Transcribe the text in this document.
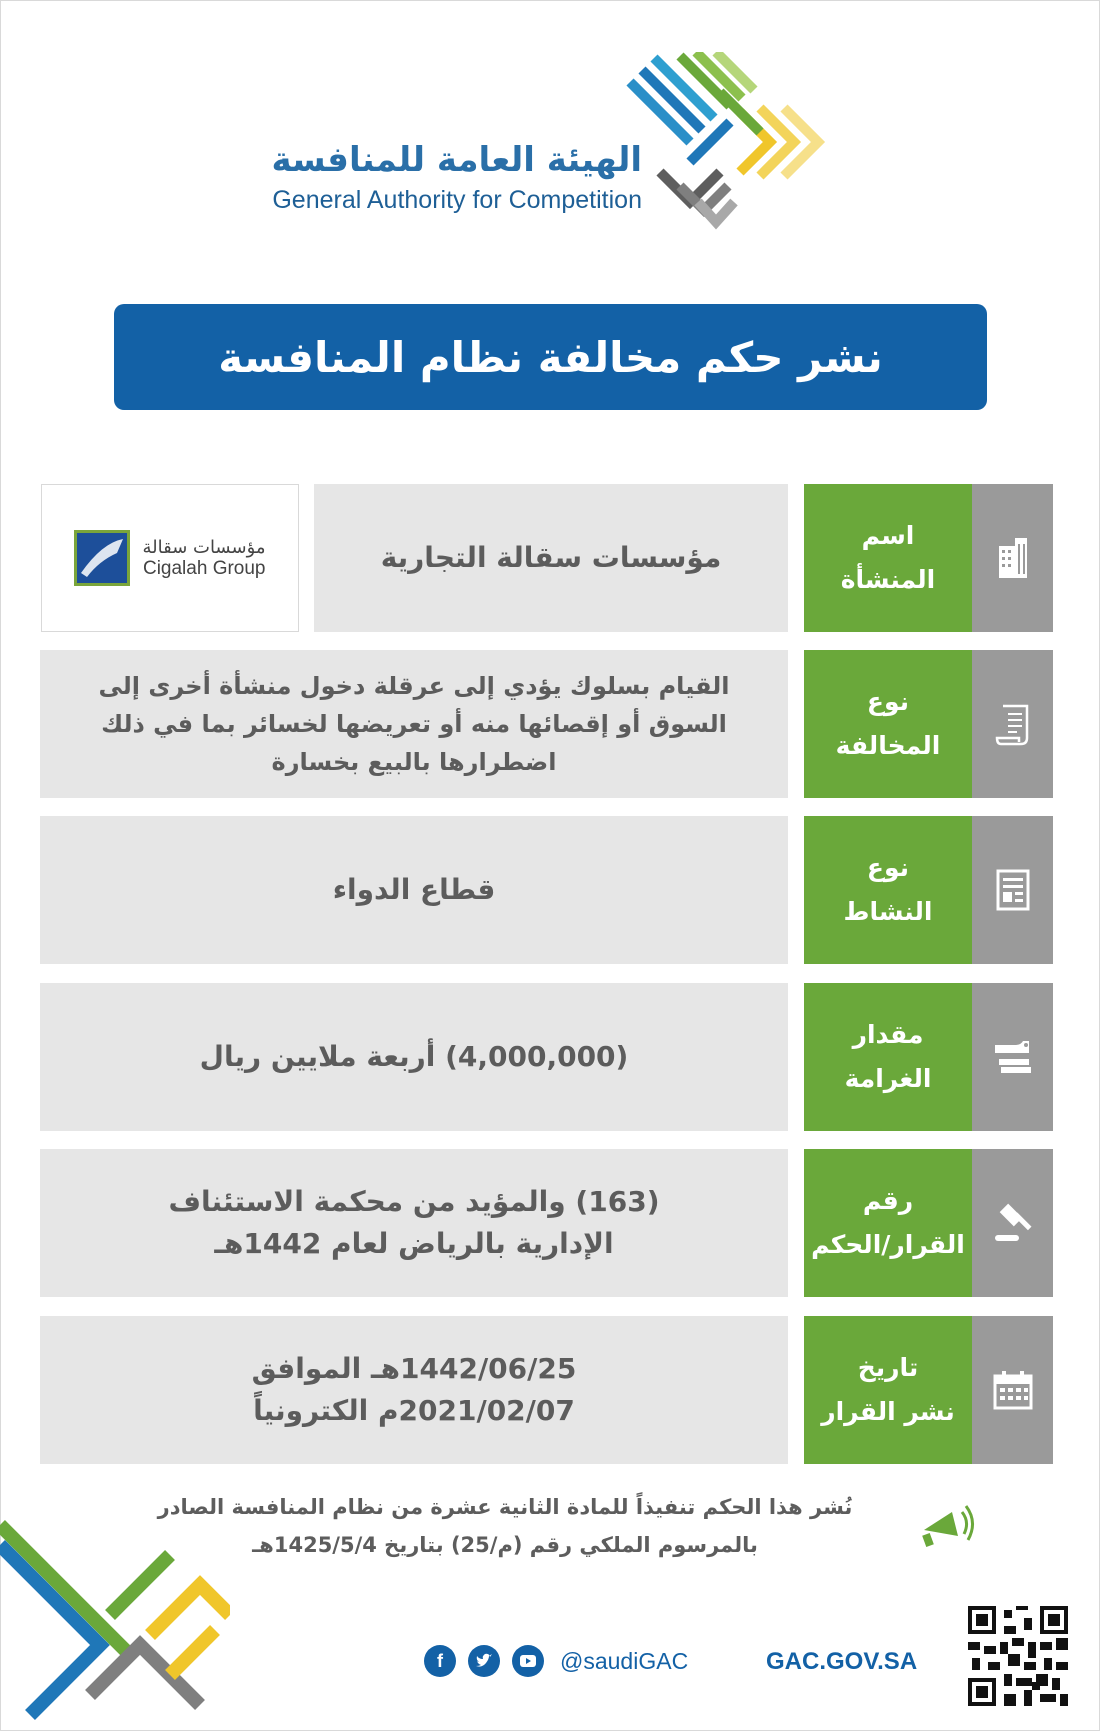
الهيئة العامة للمنافسة
General Authority for Competition
نشر حكم مخالفة نظام المنافسة
اسم
المنشأة
مؤسسات سقالة التجارية
مؤسسات سقالة
Cigalah Group
نوع
المخالفة
القيام بسلوك يؤدي إلى عرقلة دخول منشأة أخرى إلى السوق أو إقصائها منه أو تعريضها لخسائر بما في ذلك اضطرارها بالبيع بخسارة
نوع
النشاط
قطاع الدواء
مقدار
الغرامة
(4,000,000) أربعة ملايين ريال
رقم
القرار/الحكم
(163) والمؤيد من محكمة الاستئناف الإدارية بالرياض لعام 1442هـ
تاريخ
نشر القرار
1442/06/25هـ الموافق 2021/02/07م الكترونياً
نُشر هذا الحكم تنفيذاً للمادة الثانية عشرة من نظام المنافسة الصادر بالمرسوم الملكي رقم (م/25) بتاريخ 1425/5/4هـ
f	@saudiGAC	GAC.GOV.SA
